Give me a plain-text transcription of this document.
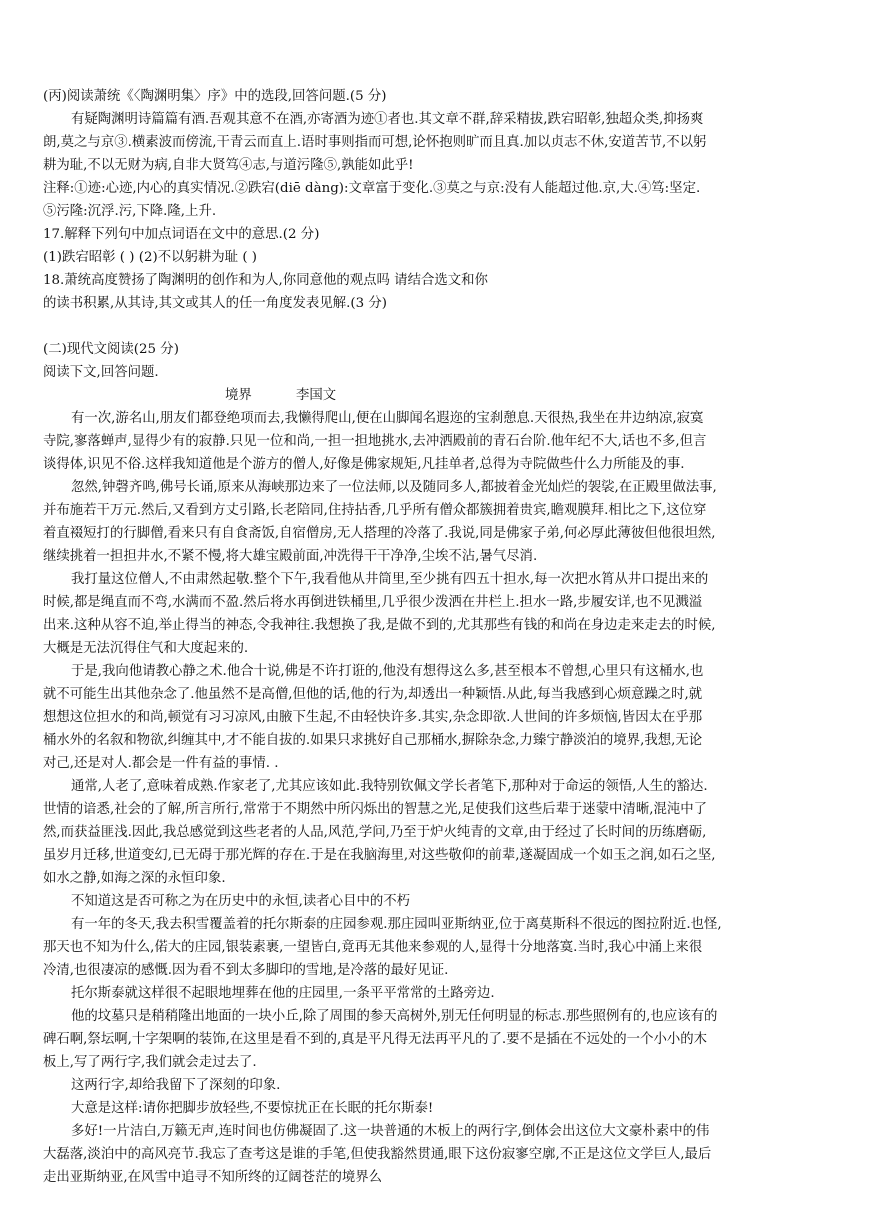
(丙)阅读萧统《〈陶渊明集〉序》中的选段,回答问题.(5 分)
有疑陶渊明诗篇篇有酒.吾观其意不在酒,亦寄酒为迹①者也.其文章不群,辞采精拔,跌宕昭彰,独超众类,抑扬爽
朗,莫之与京③.横素波而傍流,干青云而直上.语时事则指而可想,论怀抱则旷而且真.加以贞志不休,安道苦节,不以躬
耕为耻,不以无财为病,自非大贤笃④志,与道污隆⑤,孰能如此乎!
注释:①迹:心迹,内心的真实情况.②跌宕(diē dàng):文章富于变化.③莫之与京:没有人能超过他.京,大.④笃:坚定.
⑤污隆:沉浮.污,下降.隆,上升.
17.解释下列句中加点词语在文中的意思.(2 分)
(1)跌宕昭彰 ( ) (2)不以躬耕为耻 ( )
18.萧统高度赞扬了陶渊明的创作和为人,你同意他的观点吗 请结合选文和你
的读书积累,从其诗,其文或其人的任一角度发表见解.(3 分)
(二)现代文阅读(25 分)
阅读下文,回答问题.
境界	李国文
有一次,游名山,朋友们都登绝项而去,我懒得爬山,便在山脚闻名遐迩的宝刹憩息.天很热,我坐在井边纳凉,寂寞
寺院,寥落蝉声,显得少有的寂静.只见一位和尚,一担一担地挑水,去冲洒殿前的青石台阶.他年纪不大,话也不多,但言
谈得体,识见不俗.这样我知道他是个游方的僧人,好像是佛家规矩,凡挂单者,总得为寺院做些什么力所能及的事.
忽然,钟磬齐鸣,佛号长诵,原来从海峡那边来了一位法师,以及随同多人,都披着金光灿烂的袈裟,在正殿里做法事,
并布施若干万元.然后,又看到方丈引路,长老陪同,住持拈香,几乎所有僧众都簇拥着贵宾,瞻观膜拜.相比之下,这位穿
着直裰短打的行脚僧,看来只有自食斋饭,自宿僧房,无人搭理的冷落了.我说,同是佛家子弟,何必厚此薄彼但他很坦然,
继续挑着一担担井水,不紧不慢,将大雄宝殿前面,冲洗得干干净净,尘埃不沾,暑气尽消.
我打量这位僧人,不由肃然起敬.整个下午,我看他从井筒里,至少挑有四五十担水,每一次把水筲从井口提出来的
时候,都是绳直而不弯,水满而不盈.然后将水再倒进铁桶里,几乎很少泼洒在井栏上.担水一路,步履安详,也不见溅溢
出来.这种从容不迫,举止得当的神态,令我神往.我想换了我,是做不到的,尤其那些有钱的和尚在身边走来走去的时候,
大概是无法沉得住气和大度起来的.
于是,我向他请教心静之术.他合十说,佛是不许打诳的,他没有想得这么多,甚至根本不曾想,心里只有这桶水,也
就不可能生出其他杂念了.他虽然不是高僧,但他的话,他的行为,却透出一种颖悟.从此,每当我感到心烦意躁之时,就
想想这位担水的和尚,顿觉有习习凉风,由腋下生起,不由轻快许多.其实,杂念即欲.人世间的许多烦恼,皆因太在乎那
桶水外的名叙和物欲,纠缠其中,才不能自拔的.如果只求挑好自己那桶水,摒除杂念,力臻宁静淡泊的境界,我想,无论
对己,还是对人.都会是一件有益的事情. .
通常,人老了,意味着成熟.作家老了,尤其应该如此.我特别钦佩文学长者笔下,那种对于命运的领悟,人生的豁达.
世情的谙悉,社会的了解,所言所行,常常于不期然中所闪烁出的智慧之光,足使我们这些后辈于迷蒙中清晰,混沌中了
然,而获益匪浅.因此,我总感觉到这些老者的人品,风范,学问,乃至于炉火纯青的文章,由于经过了长时间的历练磨砺,
虽岁月迁移,世道变幻,已无碍于那光辉的存在.于是在我脑海里,对这些敬仰的前辈,遂凝固成一个如玉之润,如石之坚,
如水之静,如海之深的永恒印象.
不知道这是否可称之为在历史中的永恒,读者心目中的不朽
有一年的冬天,我去积雪覆盖着的托尔斯泰的庄园参观.那庄园叫亚斯纳亚,位于离莫斯科不很远的图拉附近.也怪,
那天也不知为什么,偌大的庄园,银装素裹,一望皆白,竟再无其他来参观的人,显得十分地落寞.当时,我心中涌上来很
冷清,也很凄凉的感慨.因为看不到太多脚印的雪地,是冷落的最好见证.
托尔斯泰就这样很不起眼地埋葬在他的庄园里,一条平平常常的土路旁边.
他的坟墓只是稍稍隆出地面的一块小丘,除了周围的参天高树外,别无任何明显的标志.那些照例有的,也应该有的
碑石啊,祭坛啊,十字架啊的装饰,在这里是看不到的,真是平凡得无法再平凡的了.要不是插在不远处的一个小小的木
板上,写了两行字,我们就会走过去了.
这两行字,却给我留下了深刻的印象.
大意是这样:请你把脚步放轻些,不要惊扰正在长眠的托尔斯泰!
多好!一片洁白,万籁无声,连时间也仿佛凝固了.这一块普通的木板上的两行字,倒体会出这位大文豪朴素中的伟
大磊落,淡泊中的高风亮节.我忘了查考这是谁的手笔,但使我豁然贯通,眼下这份寂寥空廓,不正是这位文学巨人,最后
走出亚斯纳亚,在风雪中追寻不知所终的辽阔苍茫的境界么
